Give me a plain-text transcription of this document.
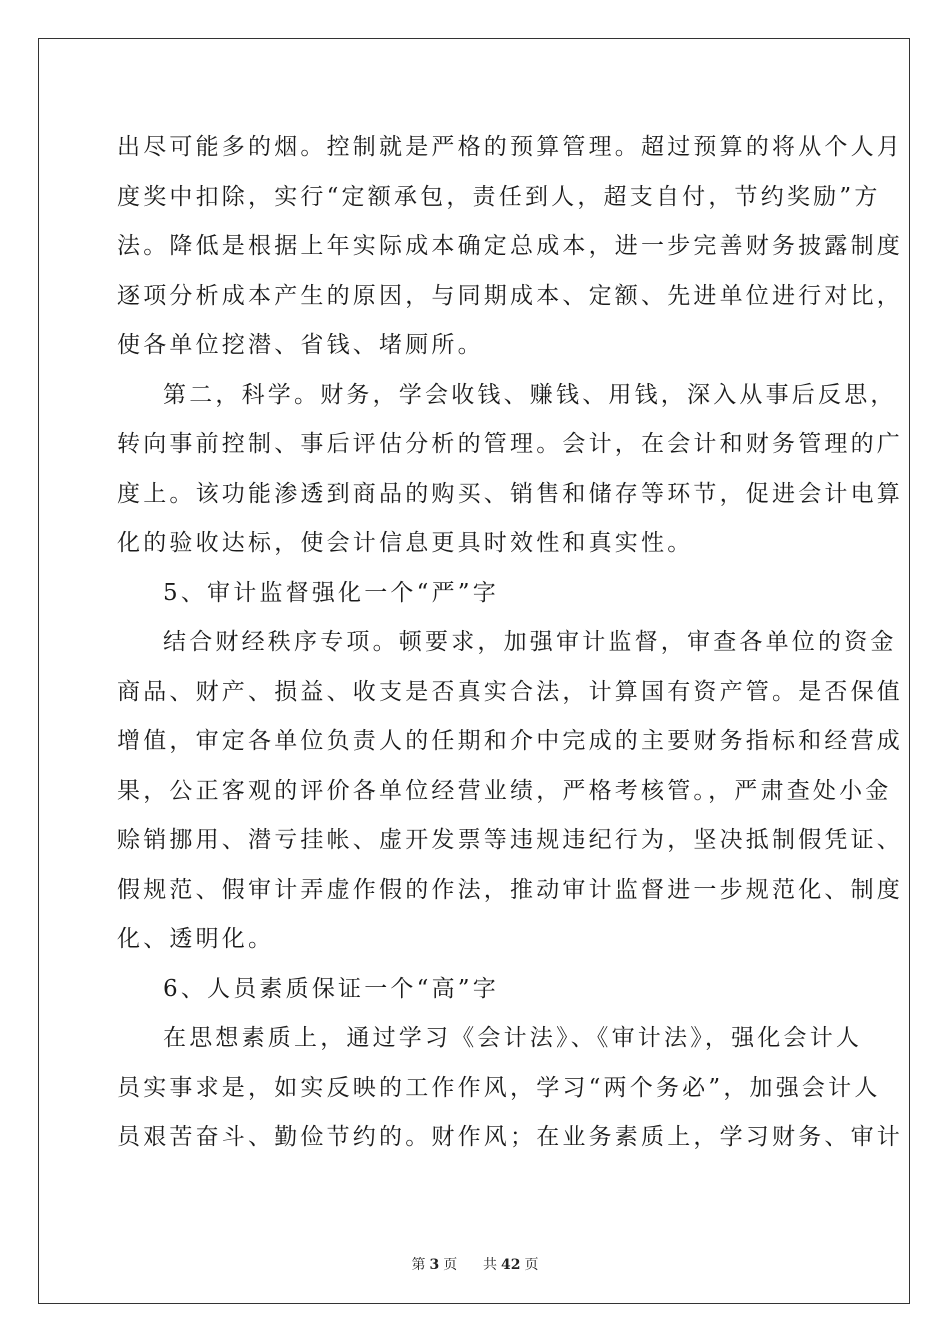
出尽可能多的烟。控制就是严格的预算管理。超过预算的将从个人月
度奖中扣除，实行“定额承包，责任到人，超支自付，节约奖励”方
法。降低是根据上年实际成本确定总成本，进一步完善财务披露制度
逐项分析成本产生的原因，与同期成本、定额、先进单位进行对比，
使各单位挖潜、省钱、堵厕所。
第二，科学。财务，学会收钱、赚钱、用钱，深入从事后反思，
转向事前控制、事后评估分析的管理。会计，在会计和财务管理的广
度上。该功能渗透到商品的购买、销售和储存等环节，促进会计电算
化的验收达标，使会计信息更具时效性和真实性。
5、审计监督强化一个“严”字
结合财经秩序专项。顿要求，加强审计监督，审查各单位的资金
商品、财产、损益、收支是否真实合法，计算国有资产管。是否保值
增值，审定各单位负责人的任期和介中完成的主要财务指标和经营成
果，公正客观的评价各单位经营业绩，严格考核管。，严肃查处小金
赊销挪用、潜亏挂帐、虚开发票等违规违纪行为，坚决抵制假凭证、
假规范、假审计弄虚作假的作法，推动审计监督进一步规范化、制度
化、透明化。
6、人员素质保证一个“高”字
在思想素质上，通过学习《会计法》、《审计法》，强化会计人
员实事求是，如实反映的工作作风，学习“两个务必”，加强会计人
员艰苦奋斗、勤俭节约的。财作风；在业务素质上，学习财务、审计
第 3 页 共 42 页
